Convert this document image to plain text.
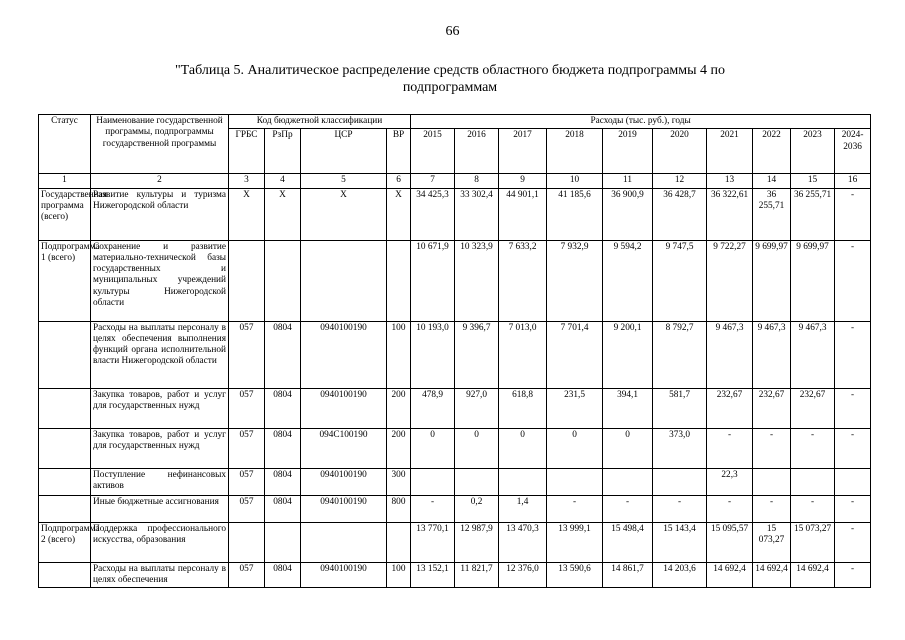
66
"Таблица 5. Аналитическое распределение средств областного бюджета подпрограммы 4 по подпрограммам
Статус	Наименование государственной программы, подпрограммы государственной программы	Код бюджетной классификации				Расходы (тыс. руб.), годы									
		ГРБС	РзПр	ЦСР	ВР	2015	2016	2017	2018	2019	2020	2021	2022	2023	2024-2036
1	2	3	4	5	6	7	8	9	10	11	12	13	14	15	16
Государственная программа (всего)	Развитие культуры и туризма Нижегородской области	X	X	X	X	34 425,3	33 302,4	44 901,1	41 185,6	36 900,9	36 428,7	36 322,61	36 255,71	36 255,71	-
Подпрограмма 1 (всего)	Сохранение и развитие материально-технической базы государственных и муниципальных учреждений культуры Нижегородской области					10 671,9	10 323,9	7 633,2	7 932,9	9 594,2	9 747,5	9 722,27	9 699,97	9 699,97	-
	Расходы на выплаты персоналу в целях обеспечения выполнения функций органа исполнительной власти Нижегородской области	057	0804	0940100190	100	10 193,0	9 396,7	7 013,0	7 701,4	9 200,1	8 792,7	9 467,3	9 467,3	9 467,3	-
	Закупка товаров, работ и услуг для государственных нужд	057	0804	0940100190	200	478,9	927,0	618,8	231,5	394,1	581,7	232,67	232,67	232,67	-
	Закупка товаров, работ и услуг для государственных нужд	057	0804	094С100190	200	0	0	0	0	0	373,0	-	-	-	-
	Поступление нефинансовых активов	057	0804	0940100190	300							22,3			
	Иные бюджетные ассигнования	057	0804	0940100190	800	-	0,2	1,4	-	-	-	-	-	-	-
Подпрограмма 2 (всего)	Поддержка профессионального искусства, образования					13 770,1	12 987,9	13 470,3	13 999,1	15 498,4	15 143,4	15 095,57	15 073,27	15 073,27	-
	Расходы на выплаты персоналу в целях обеспечения	057	0804	0940100190	100	13 152,1	11 821,7	12 376,0	13 590,6	14 861,7	14 203,6	14 692,4	14 692,4	14 692,4	-
